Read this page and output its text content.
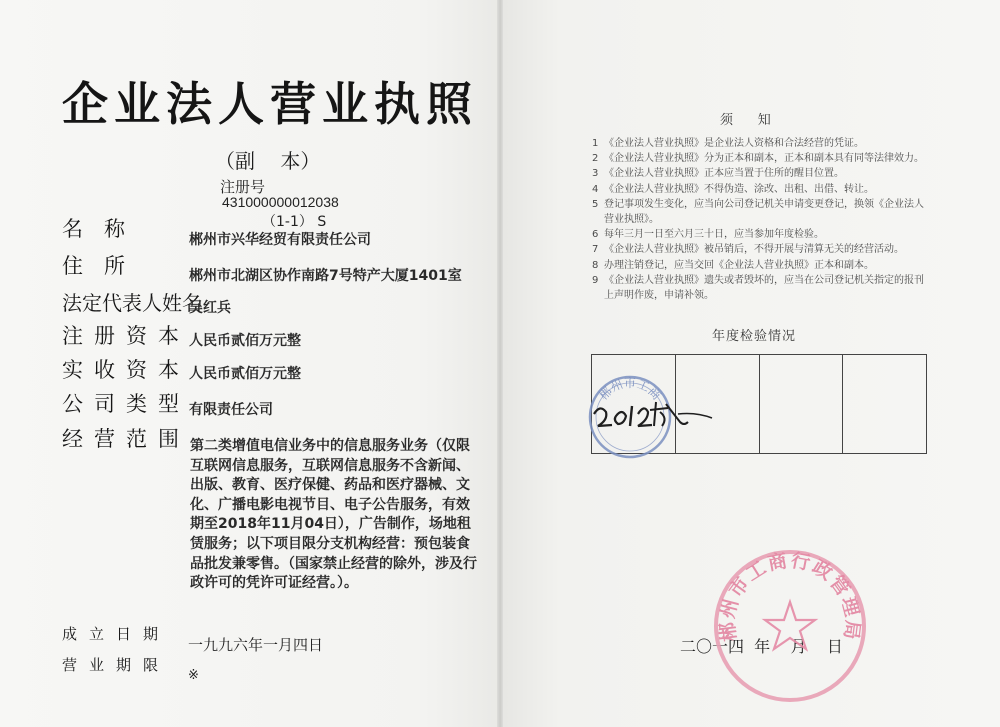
企业法人营业执照
（副    本）
注册号
431000000012038
（1-1） S
名　称	郴州市兴华经贸有限责任公司
住　所	郴州市北湖区协作南路7号特产大厦1401室
法定代表人姓名
吴红兵
注册资本 人民币贰佰万元整
实收资本 人民币贰佰万元整
公司类型 有限责任公司
经营范围 第二类增值电信业务中的信息服务业务（仅限互联网信息服务，互联网信息服务不含新闻、出版、教育、医疗保健、药品和医疗器械、文化、广播电影电视节目、电子公告服务，有效期至2018年11月04日），广告制作，场地租赁服务；以下项目限分支机构经营：预包装食品批发兼零售。（国家禁止经营的除外，涉及行政许可的凭许可证经营。）。
成立日期
一九九六年一月四日
营业期限
※
须      知
1 《企业法人营业执照》是企业法人资格和合法经营的凭证。
2 《企业法人营业执照》分为正本和副本，正本和副本具有同等法律效力。
3 《企业法人营业执照》正本应当置于住所的醒目位置。
4 《企业法人营业执照》不得伪造、涂改、出租、出借、转让。
5 登记事项发生变化，应当向公司登记机关申请变更登记，换领《企业法人营业执照》。
6 每年三月一日至六月三十日，应当参加年度检验。
7 《企业法人营业执照》被吊销后，不得开展与清算无关的经营活动。
8 办理注销登记，应当交回《企业法人营业执照》正本和副本。
9 《企业法人营业执照》遗失或者毁坏的，应当在公司登记机关指定的报刊上声明作废，申请补领。
年度检验情况
郴州市工商
二〇一四  年    月    日
郴州市工商行政管理局
